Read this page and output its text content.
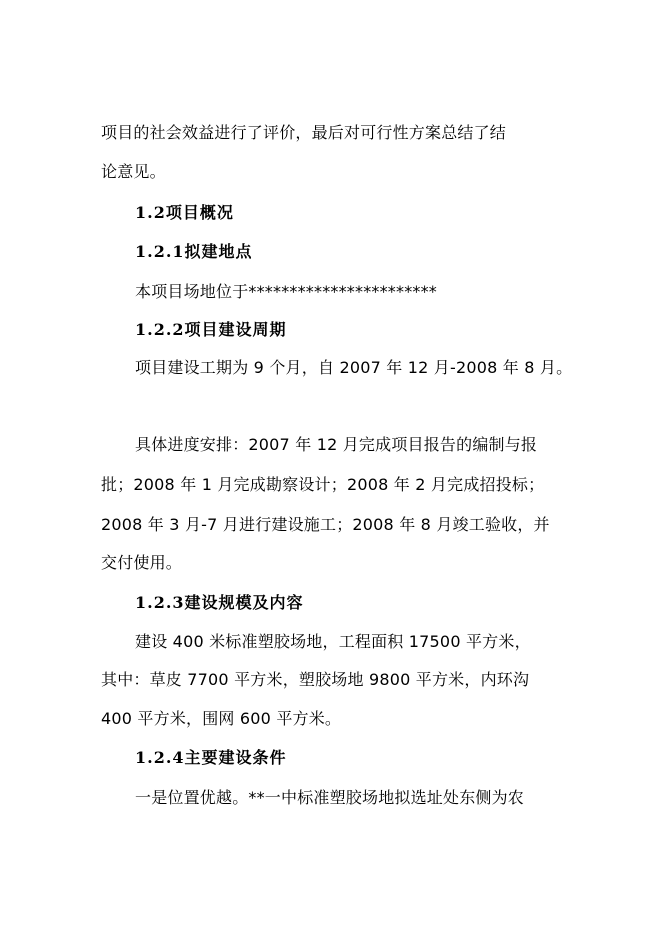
项目的社会效益进行了评价，最后对可行性方案总结了结
论意见。
1.2项目概况
1.2.1拟建地点
本项目场地位于***********************
1.2.2项目建设周期
项目建设工期为 9 个月，自 2007 年 12 月-2008 年 8 月。
具体进度安排：2007 年 12 月完成项目报告的编制与报
批；2008 年 1 月完成勘察设计；2008 年 2 月完成招投标；
2008 年 3 月-7 月进行建设施工；2008 年 8 月竣工验收，并
交付使用。
1.2.3建设规模及内容
建设 400 米标准塑胶场地，工程面积 17500 平方米，
其中：草皮 7700 平方米，塑胶场地 9800 平方米，内环沟
400 平方米，围网 600 平方米。
1.2.4主要建设条件
一是位置优越。**一中标准塑胶场地拟选址处东侧为农
